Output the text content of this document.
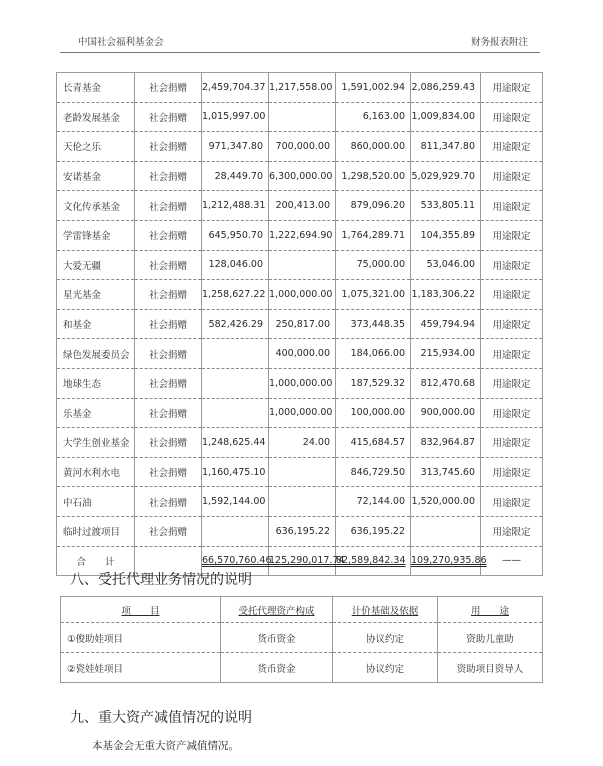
中国社会福利基金会	财务报表附注
长青基金	社会捐赠	2,459,704.37	1,217,558.00	1,591,002.94	2,086,259.43	用途限定
老龄发展基金	社会捐赠	1,015,997.00		6,163.00	1,009,834.00	用途限定
天伦之乐	社会捐赠	971,347.80	700,000.00	860,000.00	811,347.80	用途限定
安诺基金	社会捐赠	28,449.70	6,300,000.00	1,298,520.00	5,029,929.70	用途限定
文化传承基金	社会捐赠	1,212,488.31	200,413.00	879,096.20	533,805.11	用途限定
学雷锋基金	社会捐赠	645,950.70	1,222,694.90	1,764,289.71	104,355.89	用途限定
大爱无疆	社会捐赠	128,046.00		75,000.00	53,046.00	用途限定
星光基金	社会捐赠	1,258,627.22	1,000,000.00	1,075,321.00	1,183,306.22	用途限定
和基金	社会捐赠	582,426.29	250,817.00	373,448.35	459,794.94	用途限定
绿色发展委员会	社会捐赠		400,000.00	184,066.00	215,934.00	用途限定
地球生态	社会捐赠		1,000,000.00	187,529.32	812,470.68	用途限定
乐基金	社会捐赠		1,000,000.00	100,000.00	900,000.00	用途限定
大学生创业基金	社会捐赠	1,248,625.44	24.00	415,684.57	832,964.87	用途限定
黄河水利水电	社会捐赠	1,160,475.10		846,729.50	313,745.60	用途限定
中石油	社会捐赠	1,592,144.00		72,144.00	1,520,000.00	用途限定
临时过渡项目	社会捐赠		636,195.22	636,195.22		用途限定
合　　计		66,570,760.46	125,290,017.74	82,589,842.34	109,270,935.86	——
八、受托代理业务情况的说明
项　　目	受托代理资产构成	计价基础及依据	用　　途
①俊助娃项目	货币资金	协议约定	资助儿童助
②瓷娃娃项目	货币资金	协议约定	资助项目资导人
九、重大资产减值情况的说明
本基金会无重大资产减值情况。
